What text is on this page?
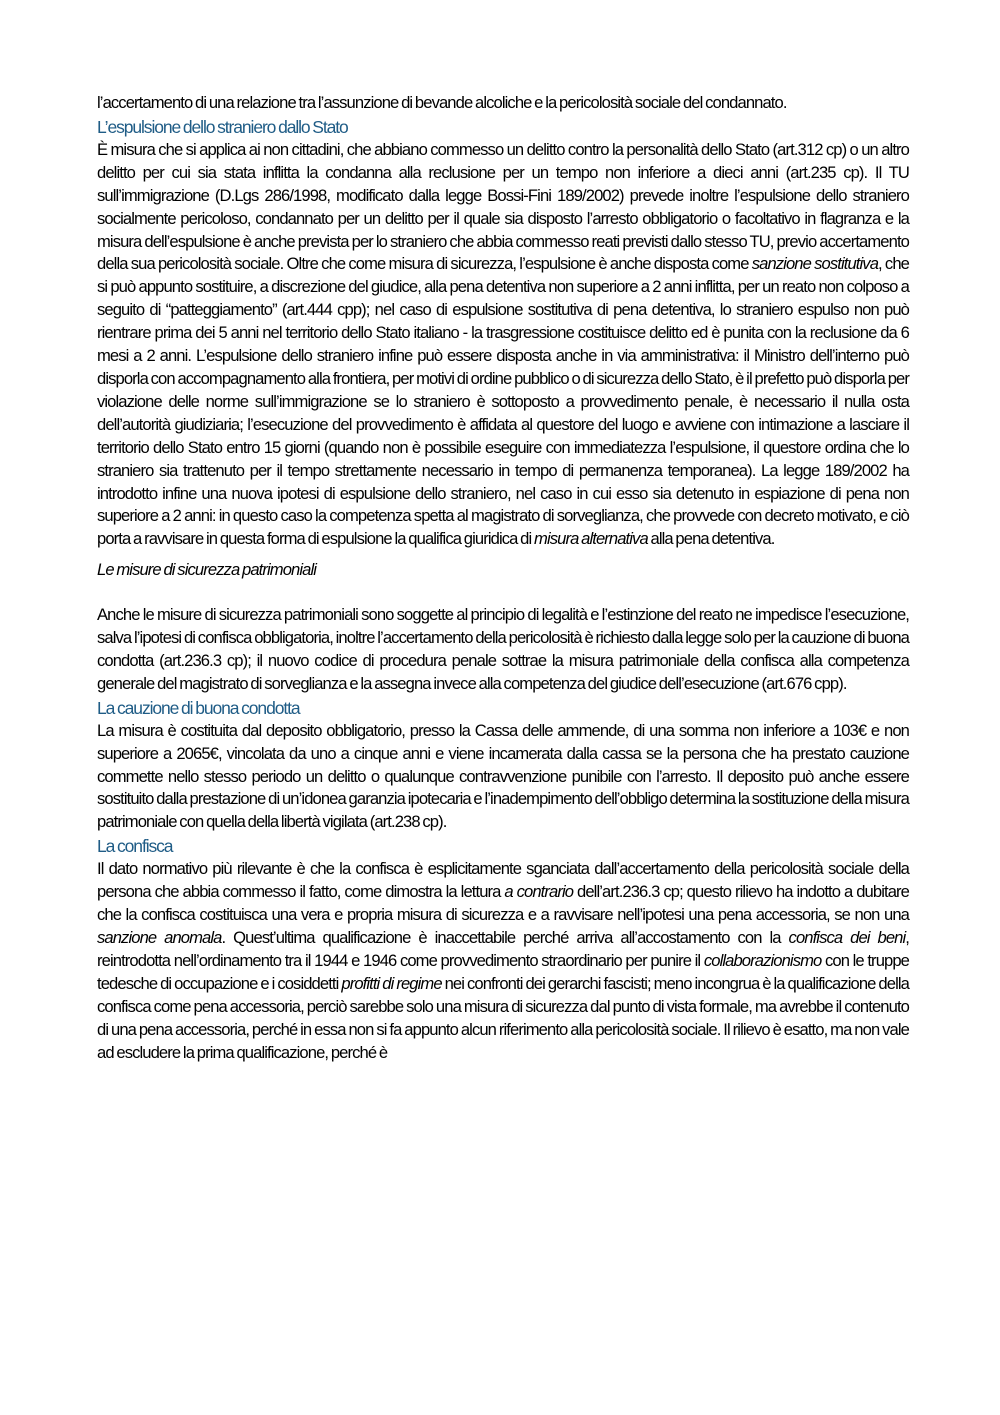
l’accertamento di una relazione tra l’assunzione di bevande alcoliche e la pericolosità sociale del condannato.

L’espulsione dello straniero dallo Stato

È misura che si applica ai non cittadini, che abbiano commesso un delitto contro la personalità dello Stato (art.312 cp) o un altro delitto per cui sia stata inflitta la condanna alla reclusione per un tempo non inferiore a dieci anni (art.235 cp). Il TU sull’immigrazione (D.Lgs 286/1998, modificato dalla legge Bossi-Fini 189/2002) prevede inoltre l’espulsione dello straniero socialmente pericoloso, condannato per un delitto per il quale sia disposto l’arresto obbligatorio o facoltativo in flagranza e la misura dell’espulsione è anche prevista per lo straniero che abbia commesso reati previsti dallo stesso TU, previo accertamento della sua pericolosità sociale. Oltre che come misura di sicurezza, l’espulsione è anche disposta come sanzione sostitutiva, che si può appunto sostituire, a discrezione del giudice, alla pena detentiva non superiore a 2 anni inflitta, per un reato non colposo a seguito di “patteggiamento” (art.444 cpp); nel caso di espulsione sostitutiva di pena detentiva, lo straniero espulso non può rientrare prima dei 5 anni nel territorio dello Stato italiano - la trasgressione costituisce delitto ed è punita con la reclusione da 6 mesi a 2 anni. L’espulsione dello straniero infine può essere disposta anche in via amministrativa: il Ministro dell’interno può disporla con accompagnamento alla frontiera, per motivi di ordine pubblico o di sicurezza dello Stato, è il prefetto può disporla per violazione delle norme sull’immigrazione se lo straniero è sottoposto a provvedimento penale, è necessario il nulla osta dell’autorità giudiziaria; l’esecuzione del provvedimento è affidata al questore del luogo e avviene con intimazione a lasciare il territorio dello Stato entro 15 giorni (quando non è possibile eseguire con immediatezza l’espulsione, il questore ordina che lo straniero sia trattenuto per il tempo strettamente necessario in tempo di permanenza temporanea). La legge 189/2002 ha introdotto infine una nuova ipotesi di espulsione dello straniero, nel caso in cui esso sia detenuto in espiazione di pena non superiore a 2 anni: in questo caso la competenza spetta al magistrato di sorveglianza, che provvede con decreto motivato, e ciò porta a ravvisare in questa forma di espulsione la qualifica giuridica di misura alternativa alla pena detentiva.

Le misure di sicurezza patrimoniali

Anche le misure di sicurezza patrimoniali sono soggette al principio di legalità e l’estinzione del reato ne impedisce l’esecuzione, salva l’ipotesi di confisca obbligatoria, inoltre l’accertamento della pericolosità è richiesto dalla legge solo per la cauzione di buona condotta (art.236.3 cp); il nuovo codice di procedura penale sottrae la misura patrimoniale della confisca alla competenza generale del magistrato di sorveglianza e la assegna invece alla competenza del giudice dell’esecuzione (art.676 cpp).

La cauzione di buona condotta

La misura è costituita dal deposito obbligatorio, presso la Cassa delle ammende, di una somma non inferiore a 103€ e non superiore a 2065€, vincolata da uno a cinque anni e viene incamerata dalla cassa se la persona che ha prestato cauzione commette nello stesso periodo un delitto o qualunque contravvenzione punibile con l’arresto. Il deposito può anche essere sostituito dalla prestazione di un’idonea garanzia ipotecaria e l’inadempimento dell’obbligo determina la sostituzione della misura patrimoniale con quella della libertà vigilata (art.238 cp).

La confisca

Il dato normativo più rilevante è che la confisca è esplicitamente sganciata dall’accertamento della pericolosità sociale della persona che abbia commesso il fatto, come dimostra la lettura a contrario dell’art.236.3 cp; questo rilievo ha indotto a dubitare che la confisca costituisca una vera e propria misura di sicurezza e a ravvisare nell’ipotesi una pena accessoria, se non una sanzione anomala. Quest’ultima qualificazione è inaccettabile perché arriva all’accostamento con la confisca dei beni, reintrodotta nell’ordinamento tra il 1944 e 1946 come provvedimento straordinario per punire il collaborazionismo con le truppe tedesche di occupazione e i cosiddetti profitti di regime nei confronti dei gerarchi fascisti; meno incongrua è la qualificazione della confisca come pena accessoria, perciò sarebbe solo una misura di sicurezza dal punto di vista formale, ma avrebbe il contenuto di una pena accessoria, perché in essa non si fa appunto alcun riferimento alla pericolosità sociale. Il rilievo è esatto, ma non vale ad escludere la prima qualificazione, perché è
